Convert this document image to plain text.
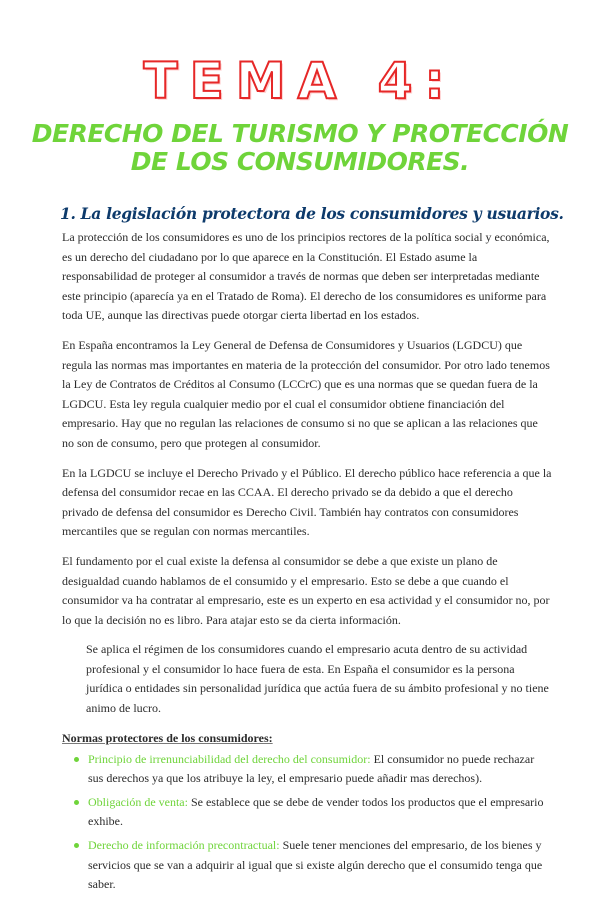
TEMA 4:
DERECHO DEL TURISMO Y PROTECCIÓN
DE LOS CONSUMIDORES.
1. La legislación protectora de los consumidores y usuarios.

La protección de los consumidores es uno de los principios rectores de la política social y económica, es un derecho del ciudadano por lo que aparece en la Constitución. El Estado asume la responsabilidad de proteger al consumidor a través de normas que deben ser interpretadas mediante este principio (aparecía ya en el Tratado de Roma). El derecho de los consumidores es uniforme para toda UE, aunque las directivas puede otorgar cierta libertad en los estados.

En España encontramos la Ley General de Defensa de Consumidores y Usuarios (LGDCU) que regula las normas mas importantes en materia de la protección del consumidor. Por otro lado tenemos la Ley de Contratos de Créditos al Consumo (LCCrC) que es una normas que se quedan fuera de la LGDCU. Esta ley regula cualquier medio por el cual el consumidor obtiene financiación del empresario. Hay que no regulan las relaciones de consumo si no que se aplican a las relaciones que no son de consumo, pero que protegen al consumidor.

En la LGDCU se incluye el Derecho Privado y el Público. El derecho público hace referencia a que la defensa del consumidor recae en las CCAA. El derecho privado se da debido a que el derecho privado de defensa del consumidor es Derecho Civil. También hay contratos con consumidores mercantiles que se regulan con normas mercantiles.

El fundamento por el cual existe la defensa al consumidor se debe a que existe un plano de desigualdad cuando hablamos de el consumido y el empresario. Esto se debe a que cuando el consumidor va ha contratar al empresario, este es un experto en esa actividad y el consumidor no, por lo que la decisión no es libro. Para atajar esto se da cierta información.

Se aplica el régimen de los consumidores cuando el empresario acuta dentro de su actividad profesional y el consumidor lo hace fuera de esta. En España el consumidor es la persona jurídica o entidades sin personalidad jurídica que actúa fuera de su ámbito profesional y no tiene animo de lucro.

Normas protectores de los consumidores:
Principio de irrenunciabilidad del derecho del consumidor: El consumidor no puede rechazar sus derechos ya que los atribuye la ley, el empresario puede añadir mas derechos).
Obligación de venta: Se establece que se debe de vender todos los productos que el empresario exhibe.
Derecho de información precontractual: Suele tener menciones del empresario, de los bienes y servicios que se van a adquirir al igual que si existe algún derecho que el consumido tenga que saber.
